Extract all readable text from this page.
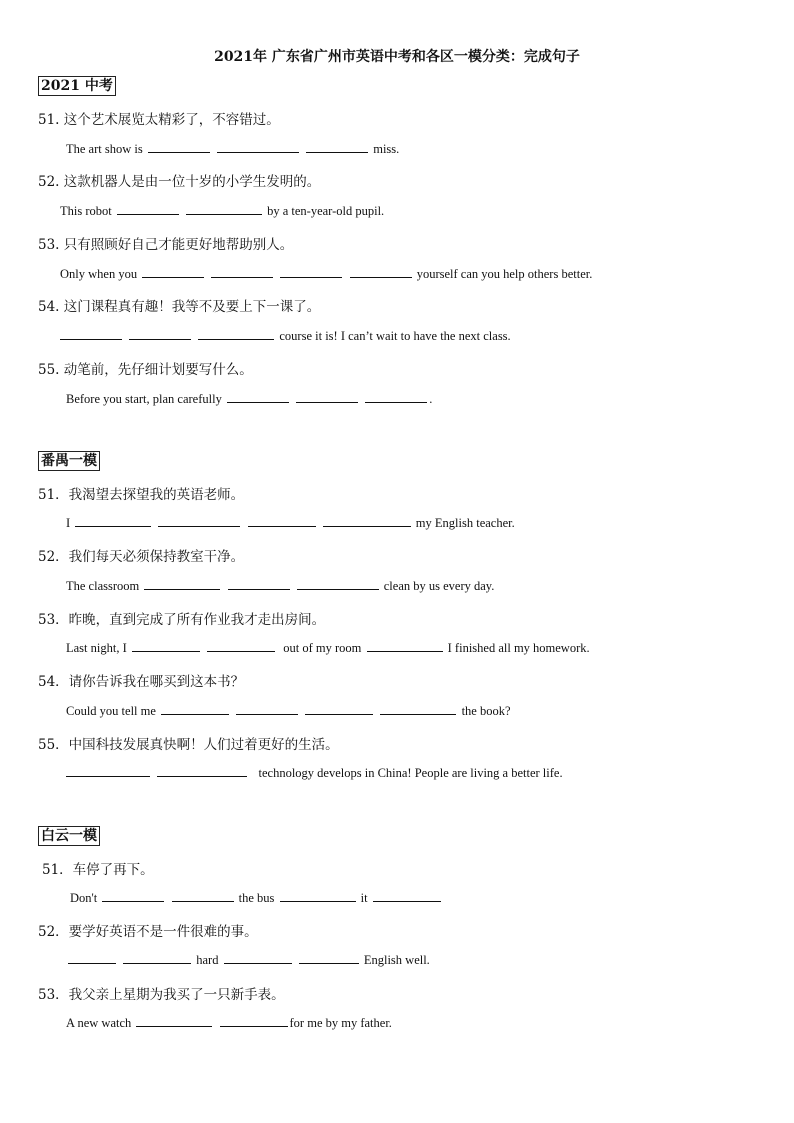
2021年 广东省广州市英语中考和各区一模分类：完成句子
2021 中考
51. 这个艺术展览太精彩了，不容错过。
The art show is	miss.
52. 这款机器人是由一位十岁的小学生发明的。
This robot	by a ten-year-old pupil.
53. 只有照顾好自己才能更好地帮助别人。
Only when you	yourself can you help others better.
54. 这门课程真有趣！我等不及要上下一课了。
course it is! I can’t wait to have the next class.
55. 动笔前，先仔细计划要写什么。
Before you start, plan carefully	.
番禺一模
51．我渴望去探望我的英语老师。
I	my English teacher.
52．我们每天必须保持教室干净。
The classroom	clean by us every day.
53．昨晚，直到完成了所有作业我才走出房间。
Last night, I	out of my room	I finished all my homework.
54．请你告诉我在哪买到这本书？
Could you tell me	the book?
55．中国科技发展真快啊！人们过着更好的生活。
technology develops in China! People are living a better life.
白云一模
51．车停了再下。
Don't	the bus	it
52．要学好英语不是一件很难的事。
hard	English well.
53．我父亲上星期为我买了一只新手表。
A new watch	for me by my father.
